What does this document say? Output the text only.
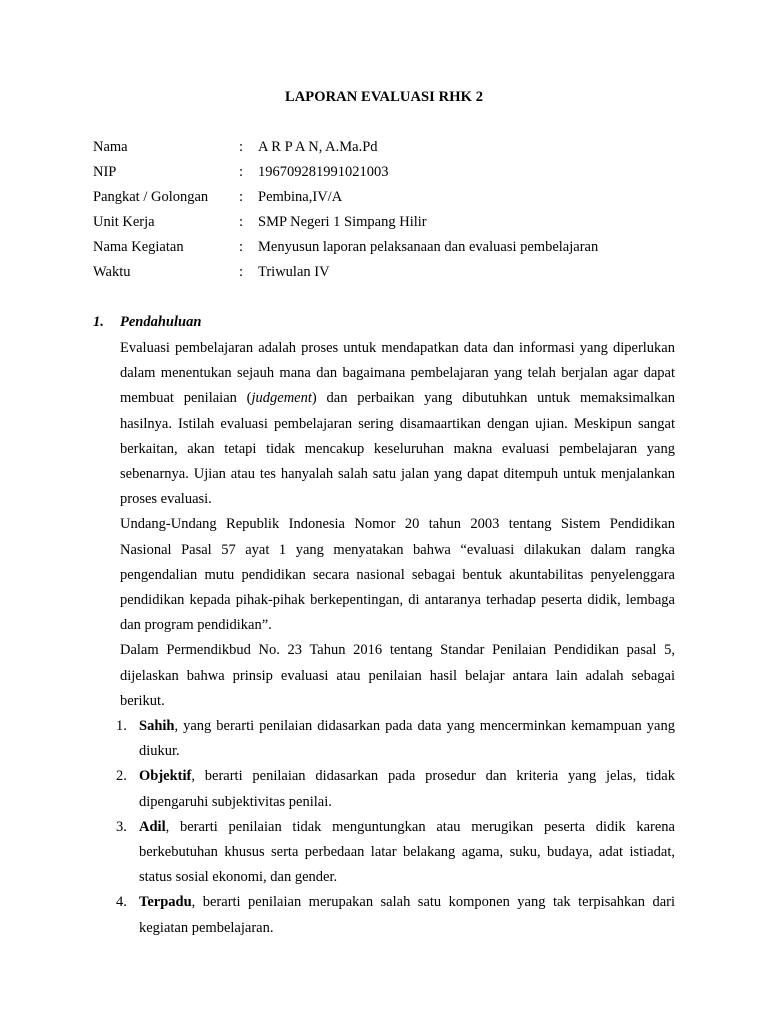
LAPORAN EVALUASI RHK 2
Nama	: A R P A N, A.Ma.Pd
NIP	: 196709281991021003
Pangkat / Golongan : Pembina,IV/A
Unit Kerja	: SMP Negeri 1 Simpang Hilir
Nama Kegiatan	: Menyusun laporan pelaksanaan dan evaluasi pembelajaran
Waktu	: Triwulan IV
1. Pendahuluan

Evaluasi pembelajaran adalah proses untuk mendapatkan data dan informasi yang diperlukan dalam menentukan sejauh mana dan bagaimana pembelajaran yang telah berjalan agar dapat membuat penilaian (judgement) dan perbaikan yang dibutuhkan untuk memaksimalkan hasilnya. Istilah evaluasi pembelajaran sering disamaartikan dengan ujian. Meskipun sangat berkaitan, akan tetapi tidak mencakup keseluruhan makna evaluasi pembelajaran yang sebenarnya. Ujian atau tes hanyalah salah satu jalan yang dapat ditempuh untuk menjalankan proses evaluasi.

Undang-Undang Republik Indonesia Nomor 20 tahun 2003 tentang Sistem Pendidikan Nasional Pasal 57 ayat 1 yang menyatakan bahwa “evaluasi dilakukan dalam rangka pengendalian mutu pendidikan secara nasional sebagai bentuk akuntabilitas penyelenggara pendidikan kepada pihak-pihak berkepentingan, di antaranya terhadap peserta didik, lembaga dan program pendidikan”.

Dalam Permendikbud No. 23 Tahun 2016 tentang Standar Penilaian Pendidikan pasal 5, dijelaskan bahwa prinsip evaluasi atau penilaian hasil belajar antara lain adalah sebagai berikut.

1. Sahih, yang berarti penilaian didasarkan pada data yang mencerminkan kemampuan yang diukur.
2. Objektif, berarti penilaian didasarkan pada prosedur dan kriteria yang jelas, tidak dipengaruhi subjektivitas penilai.
3. Adil, berarti penilaian tidak menguntungkan atau merugikan peserta didik karena berkebutuhan khusus serta perbedaan latar belakang agama, suku, budaya, adat istiadat, status sosial ekonomi, dan gender.
4. Terpadu, berarti penilaian merupakan salah satu komponen yang tak terpisahkan dari kegiatan pembelajaran.
